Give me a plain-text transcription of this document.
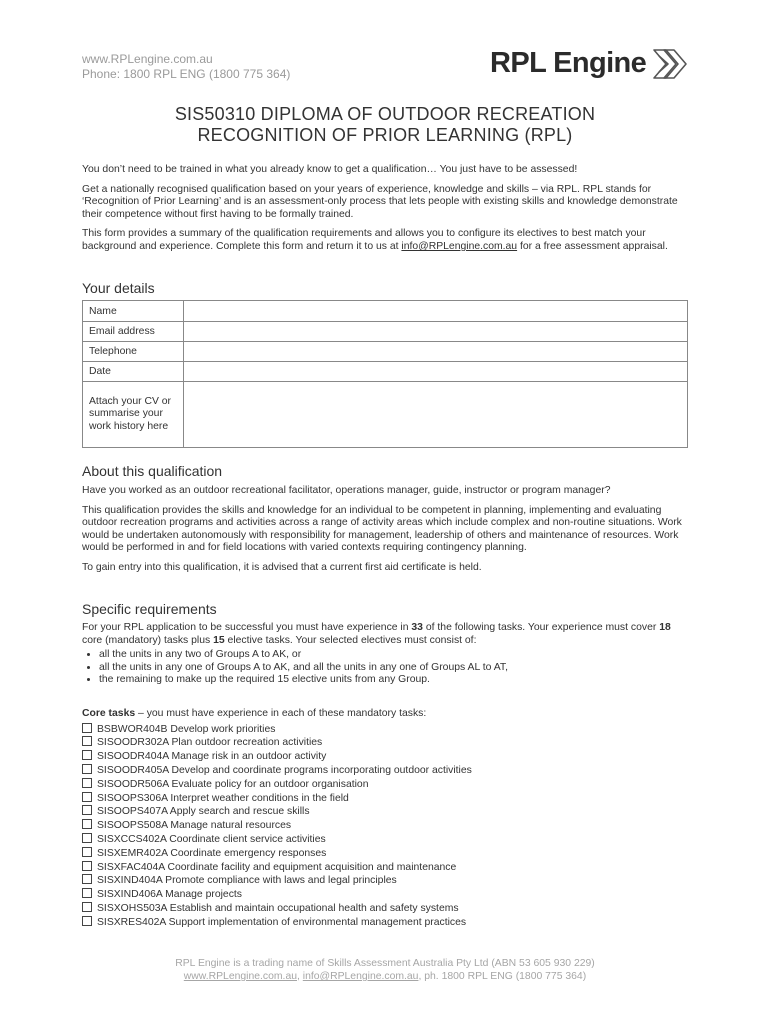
www.RPLengine.com.au
Phone: 1800 RPL ENG (1800 775 364)	RPL Engine
SIS50310 DIPLOMA OF OUTDOOR RECREATION
RECOGNITION OF PRIOR LEARNING (RPL)

You don’t need to be trained in what you already know to get a qualification… You just have to be assessed!

Get a nationally recognised qualification based on your years of experience, knowledge and skills – via RPL. RPL stands for ‘Recognition of Prior Learning’ and is an assessment-only process that lets people with existing skills and knowledge demonstrate their competence without first having to be formally trained.

This form provides a summary of the qualification requirements and allows you to configure its electives to best match your background and experience. Complete this form and return it to us at info@RPLengine.com.au for a free assessment appraisal.

Your details
Name	
Email address	
Telephone	
Date	
Attach your CV or summarise your work history here	
About this qualification

Have you worked as an outdoor recreational facilitator, operations manager, guide, instructor or program manager?

This qualification provides the skills and knowledge for an individual to be competent in planning, implementing and evaluating outdoor recreation programs and activities across a range of activity areas which include complex and non-routine situations. Work would be undertaken autonomously with responsibility for management, leadership of others and maintenance of resources. Work would be performed in and for field locations with varied contexts requiring contingency planning.

To gain entry into this qualification, it is advised that a current first aid certificate is held.

Specific requirements

For your RPL application to be successful you must have experience in 33 of the following tasks. Your experience must cover 18 core (mandatory) tasks plus 15 elective tasks. Your selected electives must consist of:

• all the units in any two of Groups A to AK, or
• all the units in any one of Groups A to AK, and all the units in any one of Groups AL to AT,
• the remaining to make up the required 15 elective units from any Group.
Core tasks – you must have experience in each of these mandatory tasks:
BSBWOR404B Develop work priorities
SISOODR302A Plan outdoor recreation activities
SISOODR404A Manage risk in an outdoor activity
SISOODR405A Develop and coordinate programs incorporating outdoor activities
SISOODR506A Evaluate policy for an outdoor organisation
SISOOPS306A Interpret weather conditions in the field
SISOOPS407A Apply search and rescue skills
SISOOPS508A Manage natural resources
SISXCCS402A Coordinate client service activities
SISXEMR402A Coordinate emergency responses
SISXFAC404A Coordinate facility and equipment acquisition and maintenance
SISXIND404A Promote compliance with laws and legal principles
SISXIND406A Manage projects
SISXOHS503A Establish and maintain occupational health and safety systems
SISXRES402A Support implementation of environmental management practices
RPL Engine is a trading name of Skills Assessment Australia Pty Ltd (ABN 53 605 930 229)
www.RPLengine.com.au, info@RPLengine.com.au, ph. 1800 RPL ENG (1800 775 364)
